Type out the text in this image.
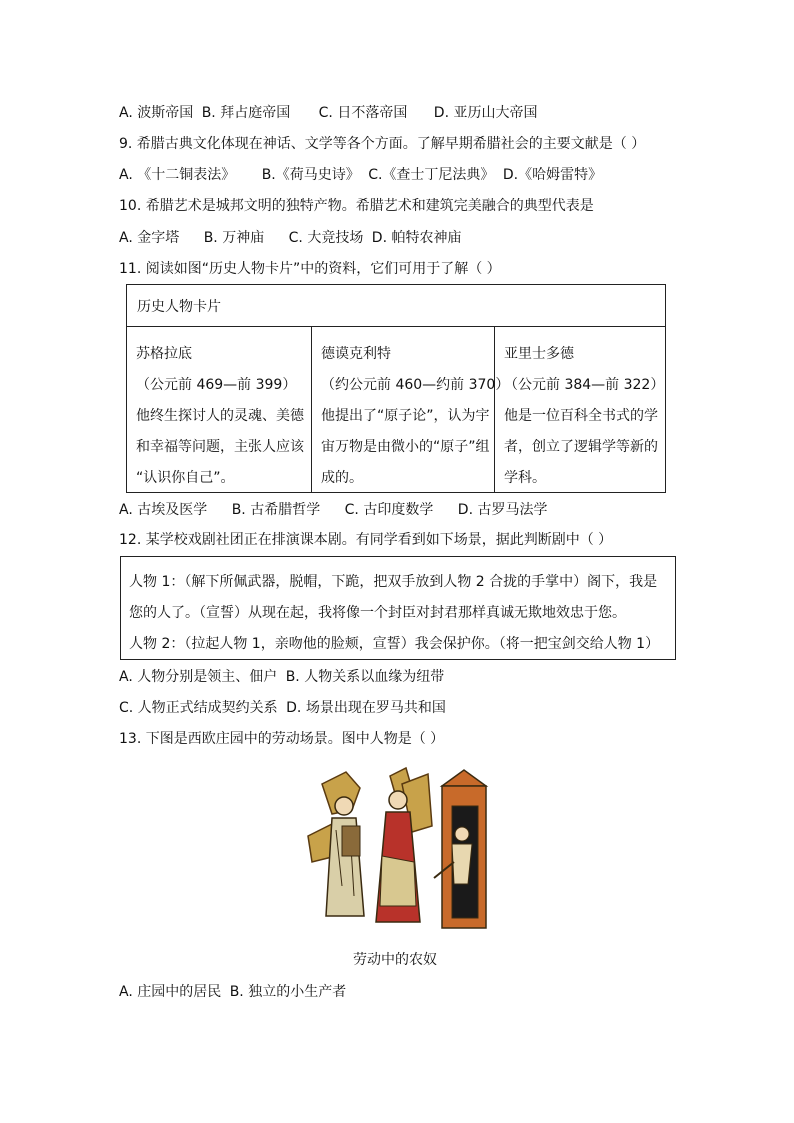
A. 波斯帝国 B. 拜占庭帝国 C. 日不落帝国 D. 亚历山大帝国
9. 希腊古典文化体现在神话、文学等各个方面。了解早期希腊社会的主要文献是（ ）
A. 《十二铜表法》 B.《荷马史诗》 C.《查士丁尼法典》 D.《哈姆雷特》
10. 希腊艺术是城邦文明的独特产物。希腊艺术和建筑完美融合的典型代表是
A. 金字塔 B. 万神庙 C. 大竞技场 D. 帕特农神庙
11. 阅读如图“历史人物卡片”中的资料，它们可用于了解（ ）
历史人物卡片
苏格拉底
（公元前 469—前 399）
他终生探讨人的灵魂、美德
和幸福等问题，主张人应该
“认识你自己”。
德谟克利特
（约公元前 460—约前 370）
他提出了“原子论”，认为宇
宙万物是由微小的“原子”组
成的。
亚里士多德
（公元前 384—前 322）
他是一位百科全书式的学
者，创立了逻辑学等新的
学科。
A. 古埃及医学 B. 古希腊哲学 C. 古印度数学 D. 古罗马法学
12. 某学校戏剧社团正在排演课本剧。有同学看到如下场景，据此判断剧中（ ）
人物 1：（解下所佩武器，脱帽，下跪，把双手放到人物 2 合拢的手掌中）阁下，我是
您的人了。（宣誓）从现在起，我将像一个封臣对封君那样真诚无欺地效忠于您。
人物 2：（拉起人物 1，亲吻他的脸颊，宣誓）我会保护你。（将一把宝剑交给人物 1）
A. 人物分别是领主、佃户 B. 人物关系以血缘为纽带
C. 人物正式结成契约关系 D. 场景出现在罗马共和国
13. 下图是西欧庄园中的劳动场景。图中人物是（ ）
劳动中的农奴
A. 庄园中的居民 B. 独立的小生产者
